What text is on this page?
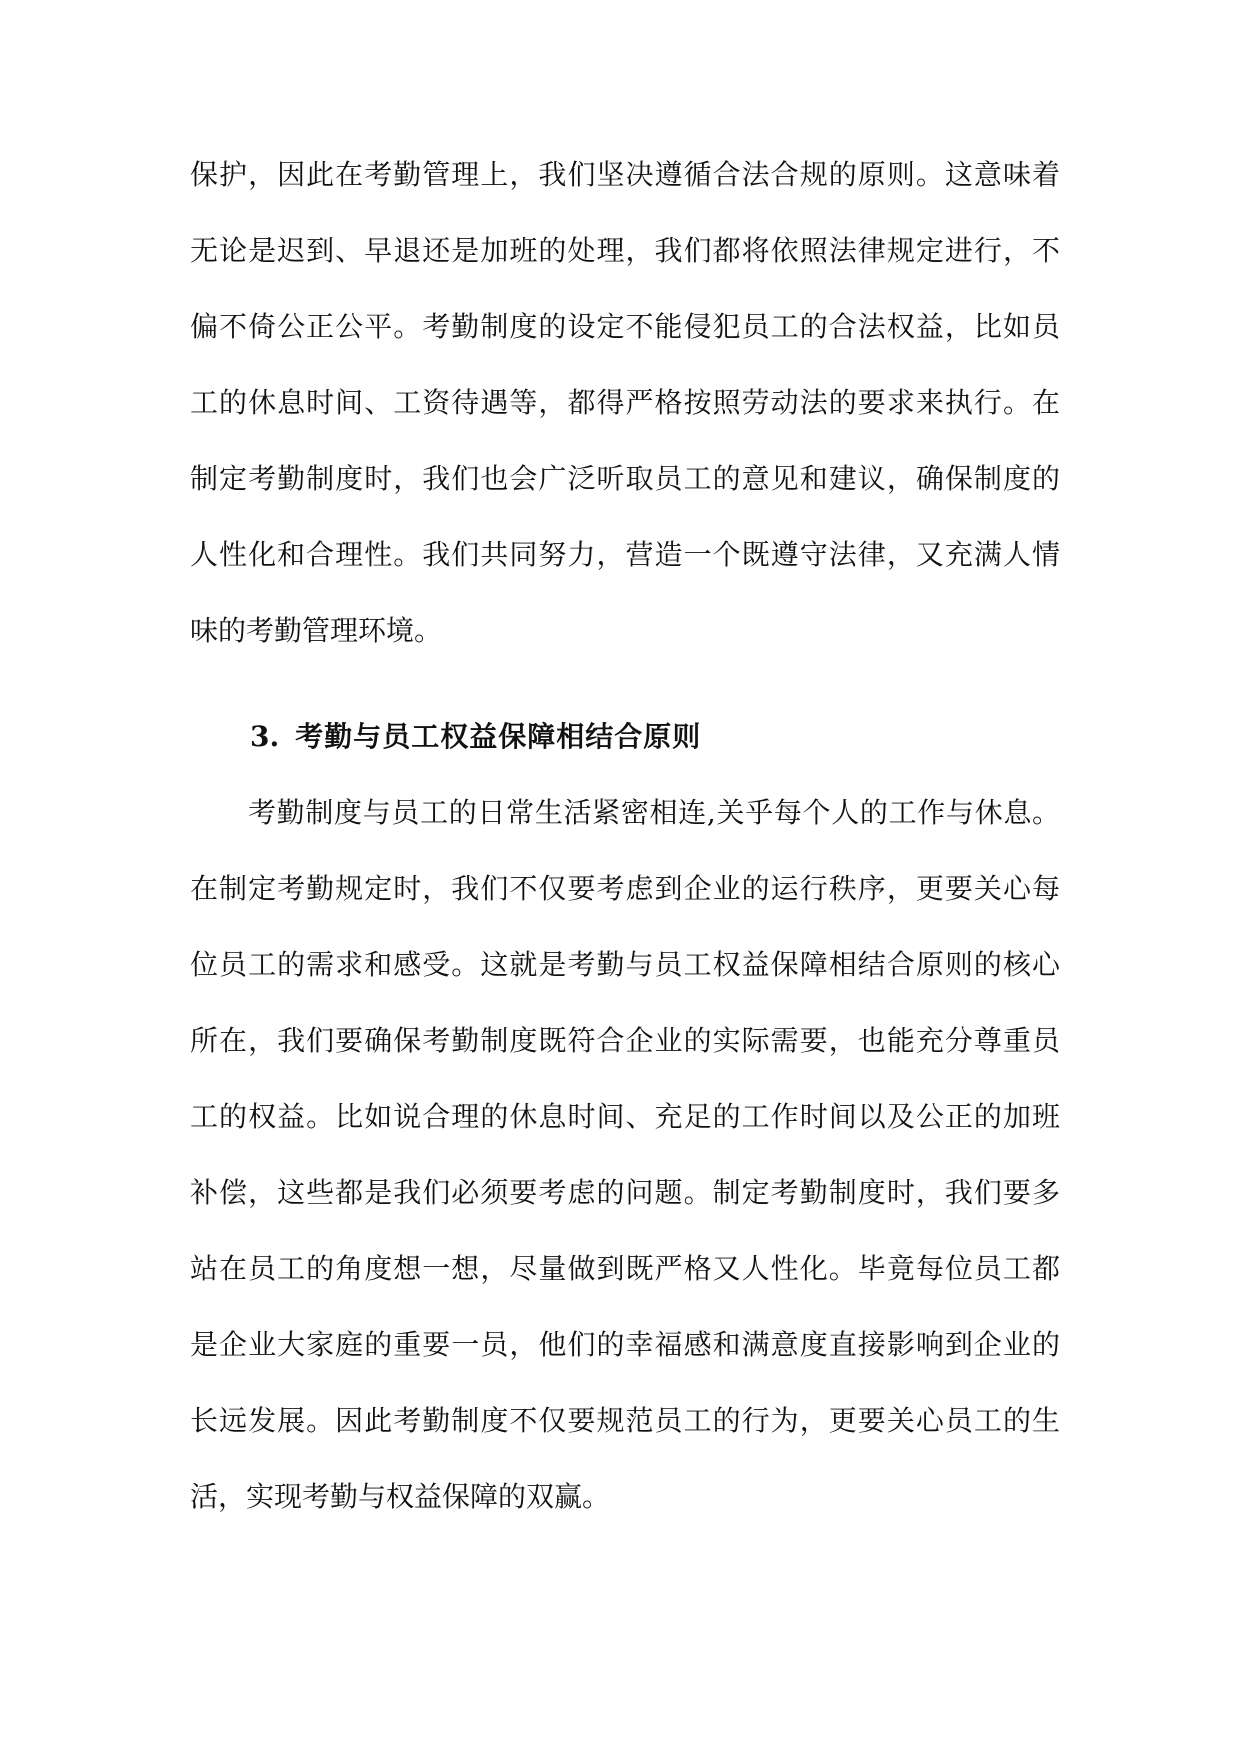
保护，因此在考勤管理上，我们坚决遵循合法合规的原则。这意味着
无论是迟到、早退还是加班的处理，我们都将依照法律规定进行，不
偏不倚公正公平。考勤制度的设定不能侵犯员工的合法权益，比如员
工的休息时间、工资待遇等，都得严格按照劳动法的要求来执行。在
制定考勤制度时，我们也会广泛听取员工的意见和建议，确保制度的
人性化和合理性。我们共同努力，营造一个既遵守法律，又充满人情
味的考勤管理环境。
3. 考勤与员工权益保障相结合原则
考勤制度与员工的日常生活紧密相连,关乎每个人的工作与休息。
在制定考勤规定时，我们不仅要考虑到企业的运行秩序，更要关心每
位员工的需求和感受。这就是考勤与员工权益保障相结合原则的核心
所在，我们要确保考勤制度既符合企业的实际需要，也能充分尊重员
工的权益。比如说合理的休息时间、充足的工作时间以及公正的加班
补偿，这些都是我们必须要考虑的问题。制定考勤制度时，我们要多
站在员工的角度想一想，尽量做到既严格又人性化。毕竟每位员工都
是企业大家庭的重要一员，他们的幸福感和满意度直接影响到企业的
长远发展。因此考勤制度不仅要规范员工的行为，更要关心员工的生
活，实现考勤与权益保障的双赢。
